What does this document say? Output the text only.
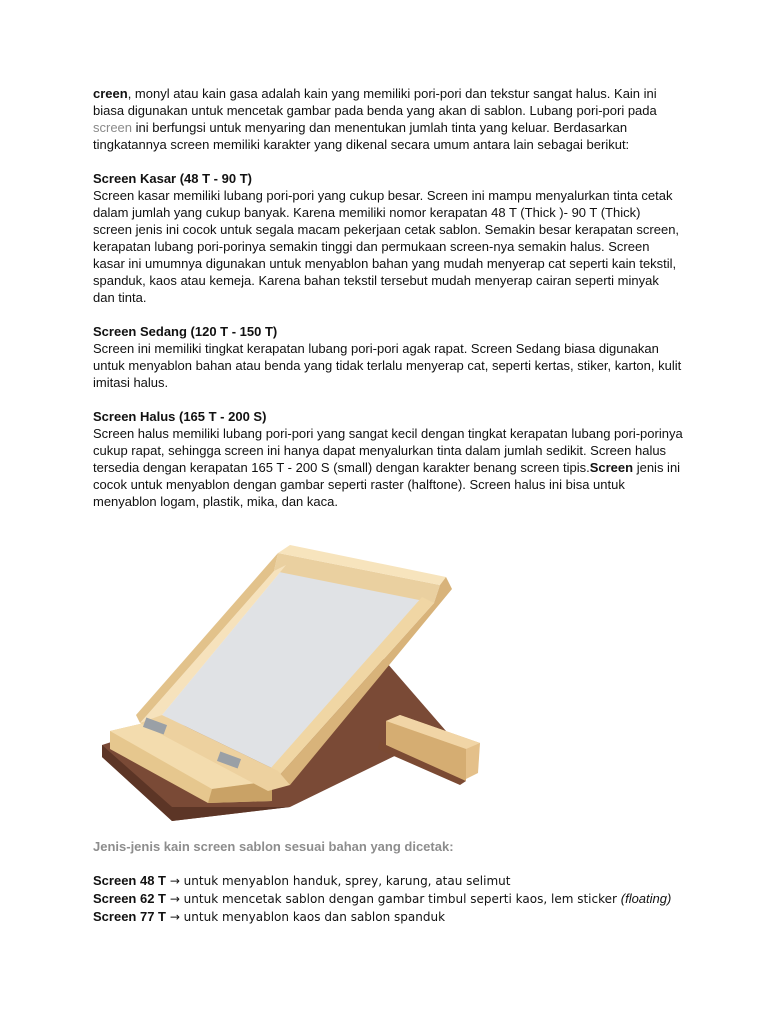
creen, monyl atau kain gasa adalah kain yang memiliki pori-pori dan tekstur sangat halus. Kain ini biasa digunakan untuk mencetak gambar pada benda yang akan di sablon. Lubang pori-pori pada screen ini berfungsi untuk menyaring dan menentukan jumlah tinta yang keluar. Berdasarkan tingkatannya screen memiliki karakter yang dikenal secara umum antara lain sebagai berikut:

Screen Kasar (48 T - 90 T)

Screen kasar memiliki lubang pori-pori yang cukup besar. Screen ini mampu menyalurkan tinta cetak dalam jumlah yang cukup banyak. Karena memiliki nomor kerapatan 48 T (Thick )- 90 T (Thick) screen jenis ini cocok untuk segala macam pekerjaan cetak sablon. Semakin besar kerapatan screen, kerapatan lubang pori-porinya semakin tinggi dan permukaan screen-nya semakin halus. Screen kasar ini umumnya digunakan untuk menyablon bahan yang mudah menyerap cat seperti kain tekstil, spanduk, kaos atau kemeja. Karena bahan tekstil tersebut mudah menyerap cairan seperti minyak dan tinta.

Screen Sedang (120 T - 150 T)

Screen ini memiliki tingkat kerapatan lubang pori-pori agak rapat. Screen Sedang biasa digunakan untuk menyablon bahan atau benda yang tidak terlalu menyerap cat, seperti kertas, stiker, karton, kulit imitasi halus.

Screen Halus (165 T - 200 S)

Screen halus memiliki lubang pori-pori yang sangat kecil dengan tingkat kerapatan lubang pori-porinya cukup rapat, sehingga screen ini hanya dapat menyalurkan tinta dalam jumlah sedikit. Screen halus tersedia dengan kerapatan 165 T - 200 S (small) dengan karakter benang screen tipis.Screen jenis ini cocok untuk menyablon dengan gambar seperti raster (halftone). Screen halus ini bisa untuk menyablon logam, plastik, mika, dan kaca.

Jenis-jenis kain screen sablon sesuai bahan yang dicetak:

Screen 48 T → untuk menyablon handuk, sprey, karung, atau selimut

Screen 62 T → untuk mencetak sablon dengan gambar timbul seperti kaos, lem sticker (floating)

Screen 77 T → untuk menyablon kaos dan sablon spanduk
